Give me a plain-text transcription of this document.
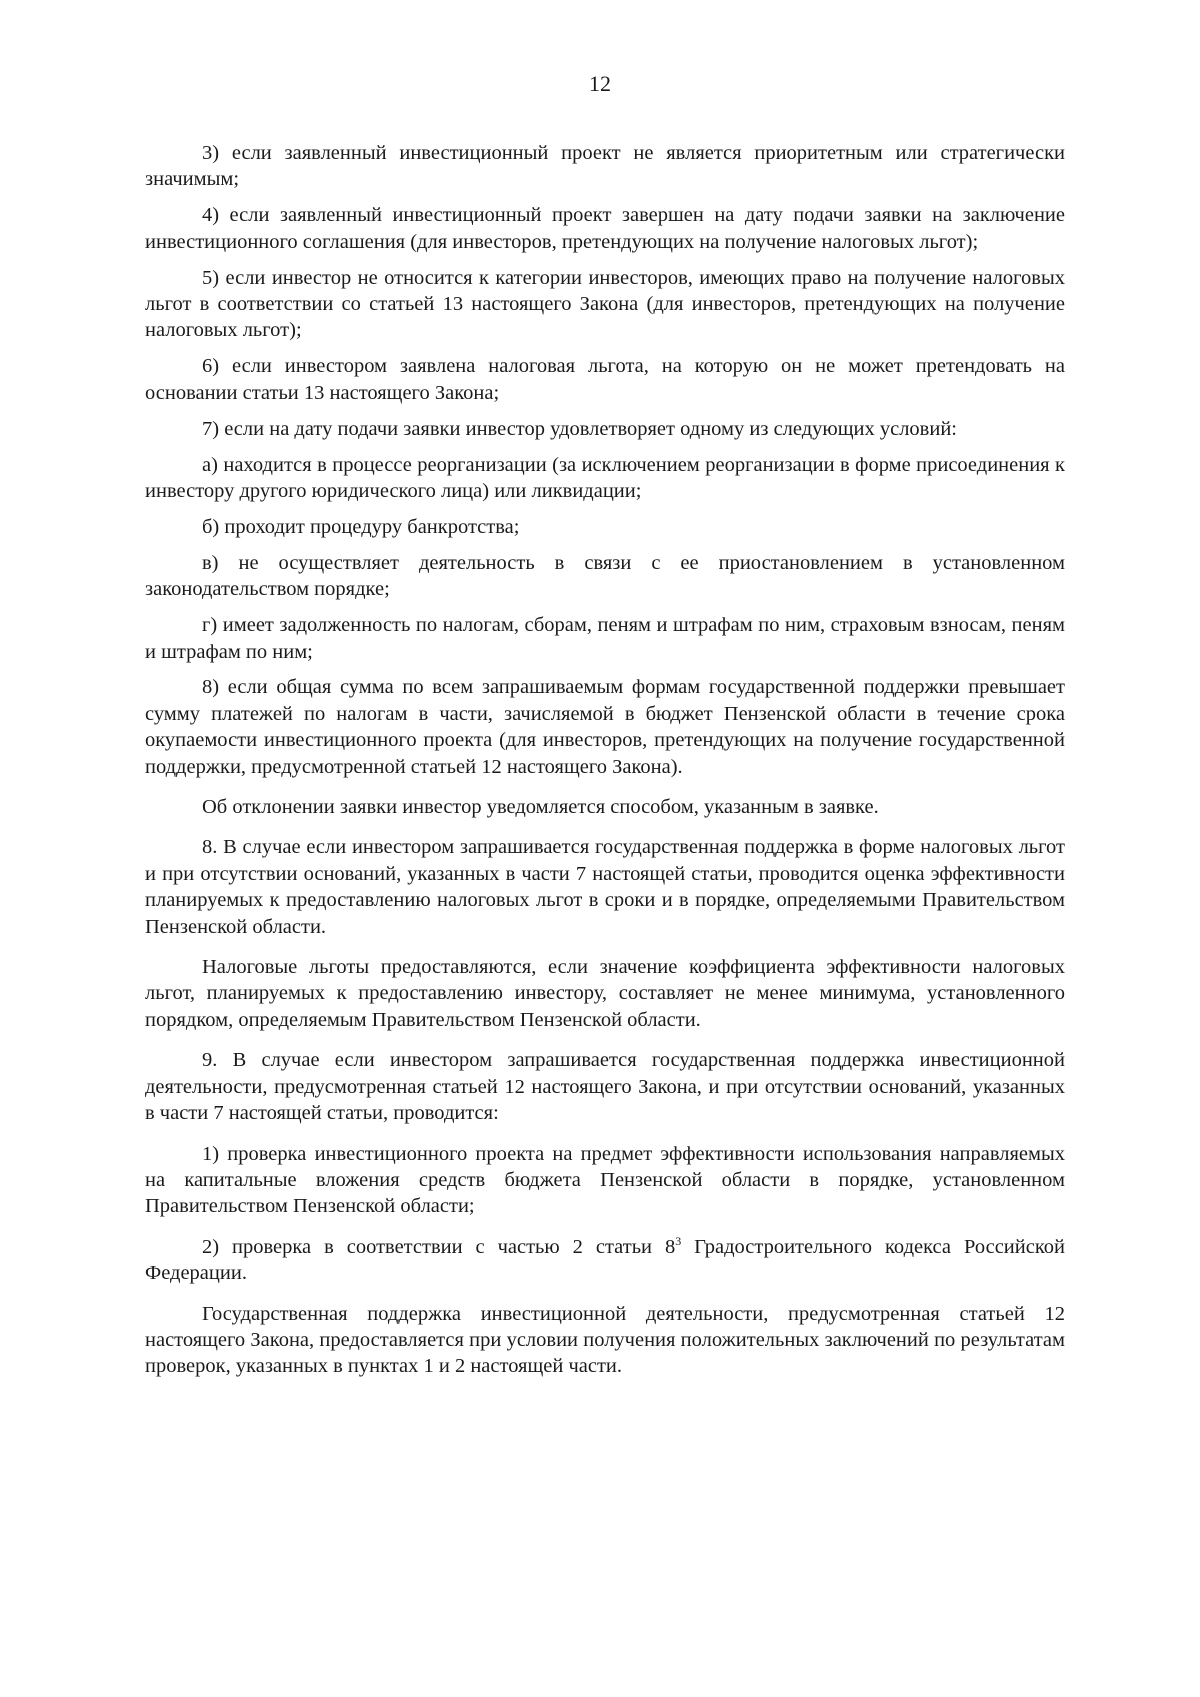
12

3) если заявленный инвестиционный проект не является приоритетным или стратегически значимым;

4) если заявленный инвестиционный проект завершен на дату подачи заявки на заключение инвестиционного соглашения (для инвесторов, претендующих на получение налоговых льгот);

5) если инвестор не относится к категории инвесторов, имеющих право на получение налоговых льгот в соответствии со статьей 13 настоящего Закона (для инвесторов, претендующих на получение налоговых льгот);

6) если инвестором заявлена налоговая льгота, на которую он не может претендовать на основании статьи 13 настоящего Закона;

7) если на дату подачи заявки инвестор удовлетворяет одному из следующих условий:

а) находится в процессе реорганизации (за исключением реорганизации в форме присоединения к инвестору другого юридического лица) или ликвидации;

б) проходит процедуру банкротства;

в) не осуществляет деятельность в связи с ее приостановлением в установленном законодательством порядке;

г) имеет задолженность по налогам, сборам, пеням и штрафам по ним, страховым взносам, пеням и штрафам по ним;

8) если общая сумма по всем запрашиваемым формам государственной поддержки превышает сумму платежей по налогам в части, зачисляемой в бюджет Пензенской области в течение срока окупаемости инвестиционного проекта (для инвесторов, претендующих на получение государственной поддержки, предусмотренной статьей 12 настоящего Закона).

Об отклонении заявки инвестор уведомляется способом, указанным в заявке.

8. В случае если инвестором запрашивается государственная поддержка в форме налоговых льгот и при отсутствии оснований, указанных в части 7 настоящей статьи, проводится оценка эффективности планируемых к предоставлению налоговых льгот в сроки и в порядке, определяемыми Правительством Пензенской области.

Налоговые льготы предоставляются, если значение коэффициента эффективности налоговых льгот, планируемых к предоставлению инвестору, составляет не менее минимума, установленного порядком, определяемым Правительством Пензенской области.

9. В случае если инвестором запрашивается государственная поддержка инвестиционной деятельности, предусмотренная статьей 12 настоящего Закона, и при отсутствии оснований, указанных в части 7 настоящей статьи, проводится:

1) проверка инвестиционного проекта на предмет эффективности использования направляемых на капитальные вложения средств бюджета Пензенской области в порядке, установленном Правительством Пензенской области;

2) проверка в соответствии с частью 2 статьи $8^3$ Градостроительного кодекса Российской Федерации.

Государственная поддержка инвестиционной деятельности, предусмотренная статьей 12 настоящего Закона, предоставляется при условии получения положительных заключений по результатам проверок, указанных в пунктах 1 и 2 настоящей части.
